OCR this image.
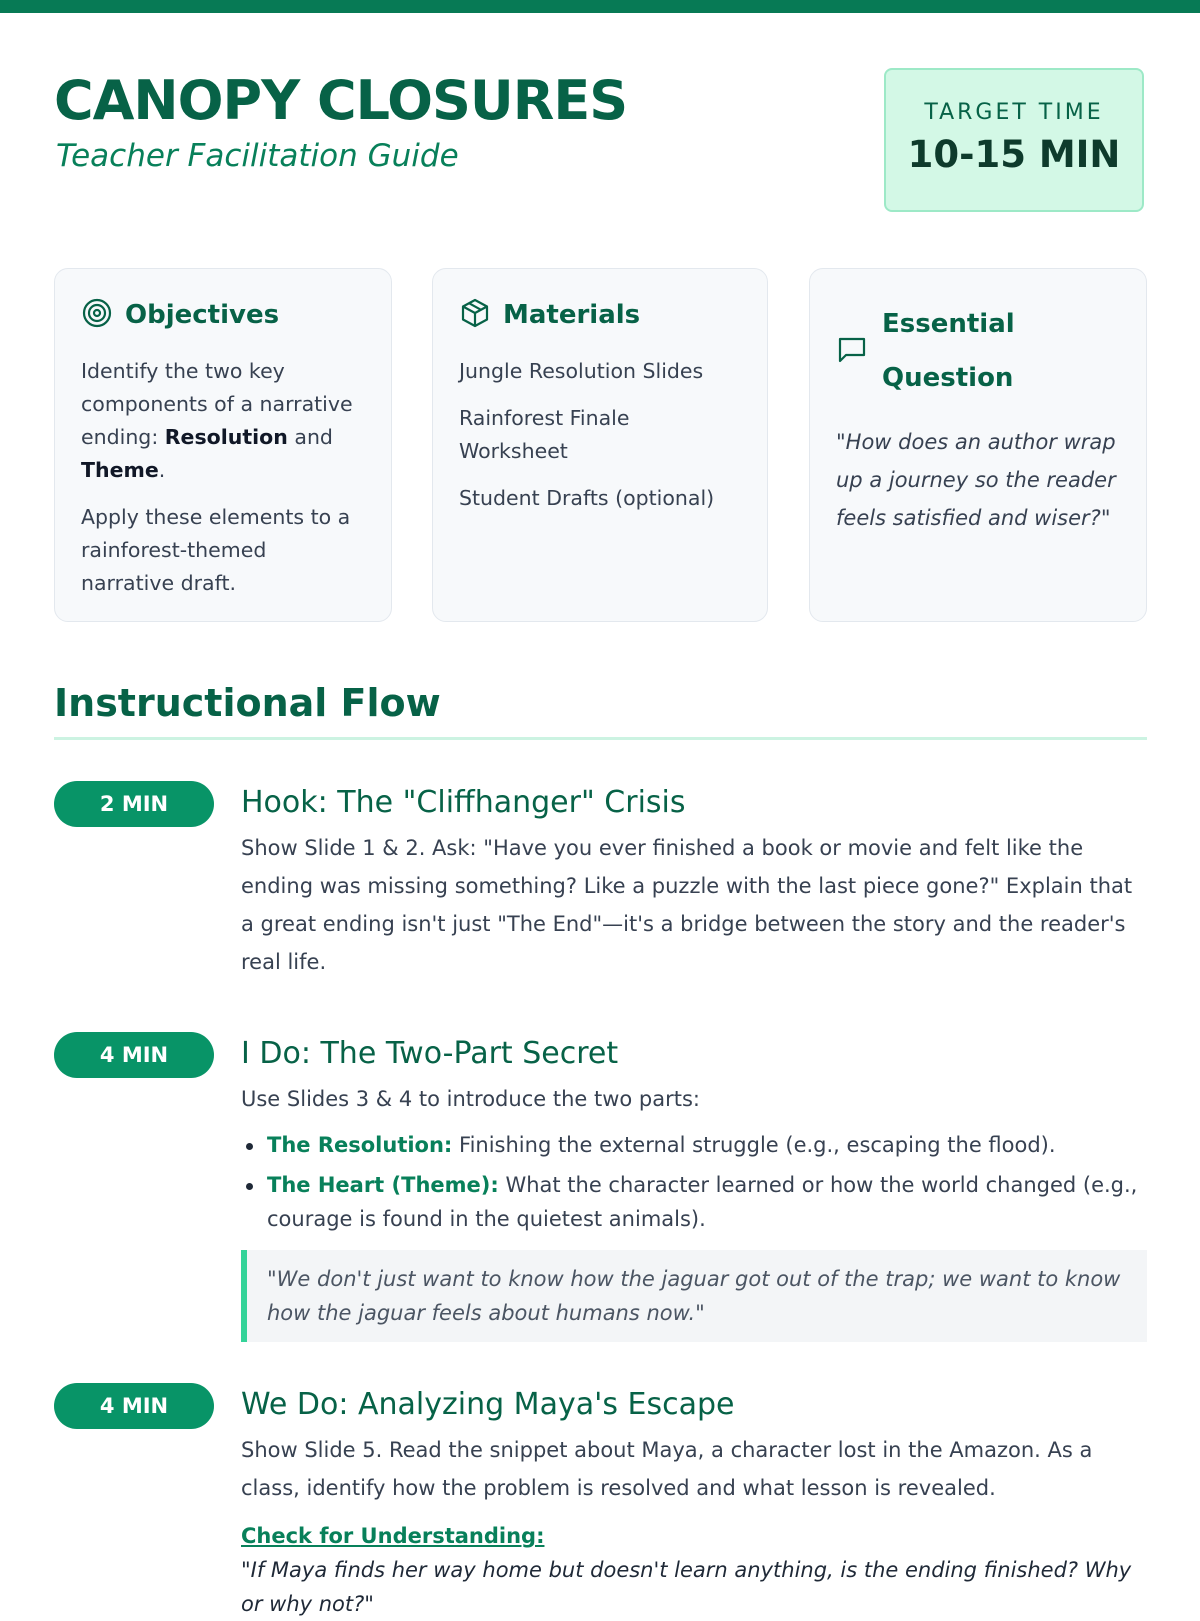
CANOPY CLOSURES
Teacher Facilitation Guide
TARGET TIME
10-15 MIN
Objectives

Identify the two key components of a narrative ending: Resolution and Theme.

Apply these elements to a rainforest-themed narrative draft.

Materials

Jungle Resolution Slides

Rainforest Finale Worksheet

Student Drafts (optional)

Essential Question

"How does an author wrap up a journey so the reader feels satisfied and wiser?"

Instructional Flow
2 MIN	Hook: The "Cliffhanger" Crisis

Show Slide 1 & 2. Ask: "Have you ever finished a book or movie and felt like the ending was missing something? Like a puzzle with the last piece gone?" Explain that a great ending isn't just "The End"—it's a bridge between the story and the reader's real life.

4 MIN	I Do: The Two-Part Secret

Use Slides 3 & 4 to introduce the two parts:

The Resolution: Finishing the external struggle (e.g., escaping the flood).
The Heart (Theme): What the character learned or how the world changed (e.g., courage is found in the quietest animals).
"We don't just want to know how the jaguar got out of the trap; we want to know how the jaguar feels about humans now."
4 MIN	We Do: Analyzing Maya's Escape

Show Slide 5. Read the snippet about Maya, a character lost in the Amazon. As a class, identify how the problem is resolved and what lesson is revealed.

Check for Understanding:

"If Maya finds her way home but doesn't learn anything, is the ending finished? Why or why not?"
